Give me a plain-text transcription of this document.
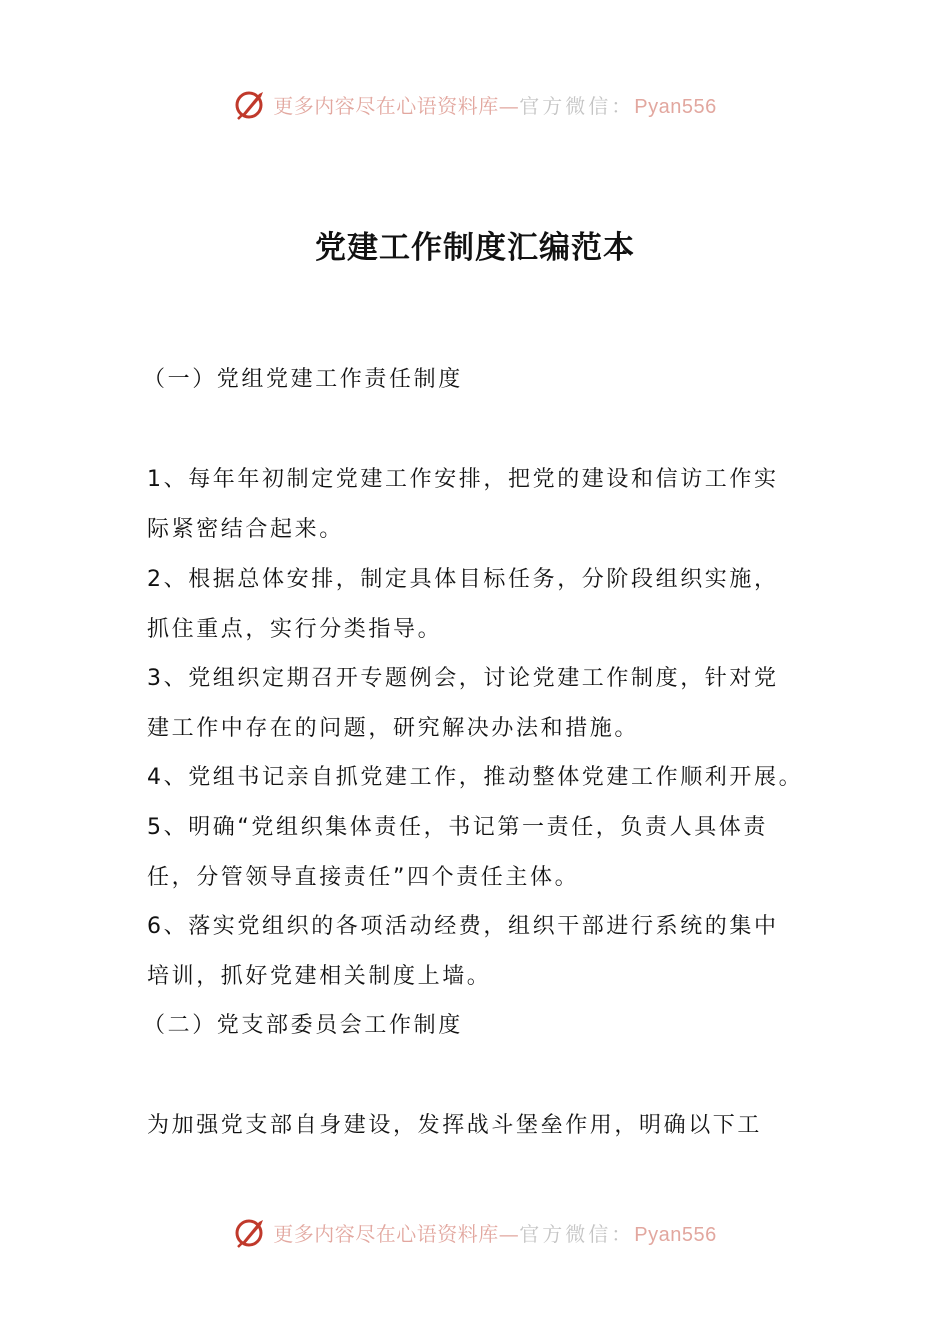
更多内容尽在心语资料库—官方微信：Pyan556
党建工作制度汇编范本

（一）党组党建工作责任制度

1、每年年初制定党建工作安排，把党的建设和信访工作实

际紧密结合起来。

2、根据总体安排，制定具体目标任务，分阶段组织实施，

抓住重点，实行分类指导。

3、党组织定期召开专题例会，讨论党建工作制度，针对党

建工作中存在的问题，研究解决办法和措施。

4、党组书记亲自抓党建工作，推动整体党建工作顺利开展。

5、明确“党组织集体责任，书记第一责任，负责人具体责

任，分管领导直接责任”四个责任主体。

6、落实党组织的各项活动经费，组织干部进行系统的集中

培训，抓好党建相关制度上墙。

（二）党支部委员会工作制度

为加强党支部自身建设，发挥战斗堡垒作用，明确以下工

更多内容尽在心语资料库—官方微信：Pyan556
